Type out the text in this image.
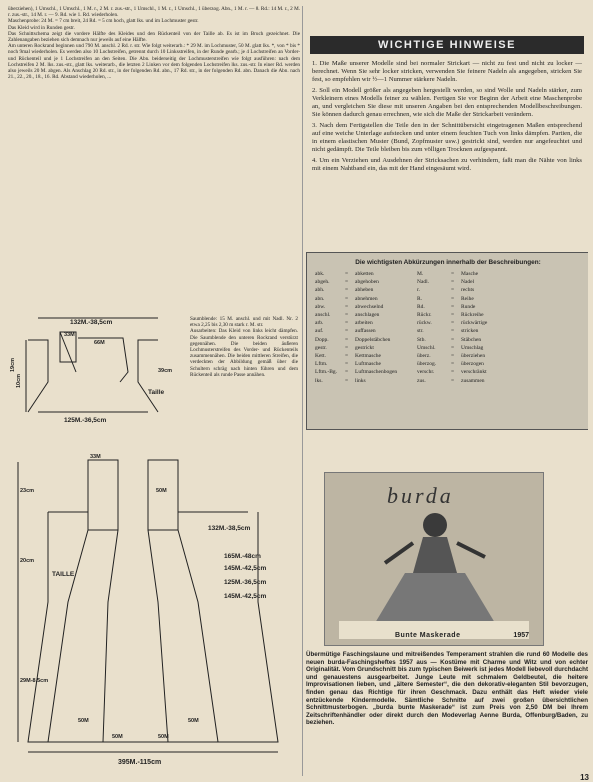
überziehen), 1 Umschl., 1 Umschl., 1 M. r., 2 M. r. zus.-str., 1 Umschl., 1 M. r., 1 Umschl., 1 überzog. Abn., 1 M. r. — 8. Rd.: 14 M. r., 2 M. r. zus.-str., 14 M. r. — 9. Rd. wie 1. Rd. wiederholen.

Maschenprobe: 24 M. = 7 cm breit, 24 Rd. = 5 cm hoch, glatt lks. und im Lochmuster gestr.

Das Kleid wird in Runden gestr.

Das Schnittschema zeigt die vordere Hälfte des Kleides und den Rückenteil von der Taille ab. Es ist im Bruch gezeichnet. Die Zahlenangaben beziehen sich demnach nur jeweils auf eine Hälfte.

Am unteren Rockrand beginnen und 790 M. anschl. 2 Rd. r. str. Wie folgt weiterarb.: * 29 M. im Lochmuster, 50 M. glatt lks. *, von * bis * noch 9mal wiederholen. Es werden also 10 Lochstreifen, getrennt durch 10 Linksstreifen, in der Runde gearb.; je 4 Lochstreifen an Vorder- und Rückenteil und je 1 Lochstreifen an den Seiten. Die Abn. beiderseitig der Lochmusterstreifen wie folgt ausführen: nach dem Lochstreifen 2 M. lks. zus.-str., glatt lks. weiterarb., die letzten 2 Linken vor dem folgenden Lochstreifen lks. zus.-str. In einer Rd. werden also jeweils 20 M. abgen. Als Anschlag 20 Rd. str., in der folgenden Rd. abn., 17 Rd. str., in der folgenden Rd. abn. Danach die Abn. nach 21., 22., 20., 18., 16. Rd. Abstand wiederholen, ...

132M.-38,5cm
33M
66M
19cm
10cm
Taille
125M.-36,5cm
39cm

Saumblende: 15 M. anschl. und mit Nadl. Nr. 2 etwa 2,25 bis 2,30 m stark r. M. str.

Ausarbeiten: Das Kleid von links leicht dämpfen. Die Saumblende den unteren Rockrand verstürzt gegennähen. Die beiden äußeren Lochmusterstreifen des Vorder- und Rückenteils zusammennähen. Die beiden mittleren Streifen, die verdeckten der Abbildung gemäß über die Schultern schräg nach hinten führen und dem Rückenteil als runde Passe annähen.

33M
50M
23cm
132M.-38,5cm
165M.-48cm
145M.-42,5cm
125M.-36,5cm
145M.-42,5cm
TAILLE
20cm
29M-8,5cm
395M.-115cm
50M	50M
50M	50M
WICHTIGE HINWEISE

1. Die Maße unserer Modelle sind bei normaler Strickart — nicht zu fest und nicht zu locker — berechnet. Wenn Sie sehr locker stricken, verwenden Sie feinere Nadeln als angegeben, stricken Sie fest, so empfehlen wir ½—1 Nummer stärkere Nadeln.

2. Soll ein Modell größer als angegeben hergestellt werden, so sind Wolle und Nadeln stärker, zum Verkleinern eines Modells feiner zu wählen. Fertigen Sie vor Beginn der Arbeit eine Maschenprobe an, und vergleichen Sie diese mit unseren Angaben bei den entsprechenden Modellbeschreibungen. Sie können dadurch genau errechnen, wie sich die Maße der Strickarbeit verändern.

3. Nach dem Fertigstellen die Teile den in der Schnittübersicht eingetragenen Maßen entsprechend auf eine weiche Unterlage aufstecken und unter einem feuchten Tuch von links dämpfen. Partien, die in einem elastischen Muster (Bund, Zopfmuster usw.) gestrickt sind, werden nur angefeuchtet und nicht gedämpft. Die Teile bleiben bis zum völligen Trocknen aufgespannt.

4. Um ein Verziehen und Ausdehnen der Stricksachen zu verhindern, faßt man die Nähte von links mit einem Nahtband ein, das mit der Hand eingesäumt wird.

Die wichtigsten Abkürzungen innerhalb der Beschreibungen:
abk.	=	abketten	M.	=	Masche
abgeh.	=	abgehoben	Nadl.	=	Nadel
abh.	=	abheben	r.	=	rechts
abn.	=	abnehmen	R.	=	Reihe
abw.	=	abwechselnd	Rd.	=	Runde
anschl.	=	anschlagen	Rückr.	=	Rückreihe
arb.	=	arbeiten	rückw.	=	rückwärtige
auf.	=	auffassen	str.	=	stricken
Dopp.	=	Doppelstäbchen	Stb.	=	Stäbchen
gestr.	=	gestrickt	Umschl.	=	Umschlag
Kett.	=	Kettmasche	überz.	=	überziehen
Lftm.	=	Luftmasche	überzog.	=	überzogen
Lftm.-Bg.	=	Luftmaschenbogen	verschr.	=	verschränkt
lks.	=	links	zus.	=	zusammen
burda
Bunte Maskerade	1957
Übermütige Faschingslaune und mitreißendes Temperament strahlen die rund 60 Modelle des neuen burda-Faschingsheftes 1957 aus — Kostüme mit Charme und Witz und von echter Originalität. Vom Grundschnitt bis zum typischen Beiwerk ist jedes Modell liebevoll durchdacht und genauestens ausgearbeitet. Junge Leute mit schmalem Geldbeutel, die heitere Improvisationen lieben, und „ältere Semester“, die den dekorativ-eleganten Stil bevorzugen, finden genau das Richtige für ihren Geschmack. Dazu enthält das Heft wieder viele entzückende Kindermodelle. Sämtliche Schnitte auf zwei großen übersichtlichen Schnittmusterbogen. „burda bunte Maskerade“ ist zum Preis von 2,50 DM bei Ihrem Zeitschriftenhändler oder direkt durch den Modeverlag Aenne Burda, Offenburg/Baden, zu beziehen.
13
